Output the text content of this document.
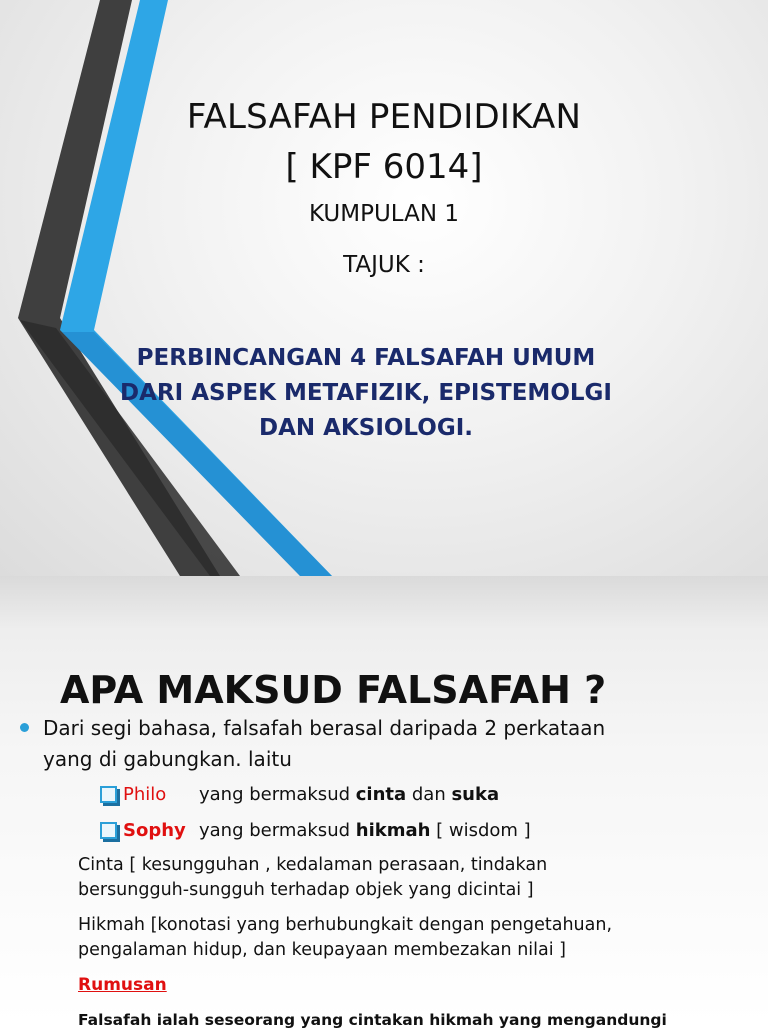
FALSAFAH PENDIDIKAN
[ KPF 6014]
KUMPULAN 1
TAJUK :
PERBINCANGAN 4 FALSAFAH UMUM
DARI ASPEK METAFIZIK, EPISTEMOLGI
DAN AKSIOLOGI.
APA MAKSUD FALSAFAH ?

Dari segi bahasa, falsafah berasal daripada 2 perkataan
yang di gabungkan. laitu

Philo	yang bermaksud cinta dan suka
Sophy yang bermaksud hikmah [ wisdom ]

Cinta [ kesungguhan , kedalaman perasaan, tindakan
bersungguh-sungguh terhadap objek yang dicintai ]

Hikmah [konotasi yang berhubungkait dengan pengetahuan,
pengalaman hidup, dan keupayaan membezakan nilai ]

Rumusan

Falsafah ialah seseorang yang cintakan hikmah yang mengandungi
